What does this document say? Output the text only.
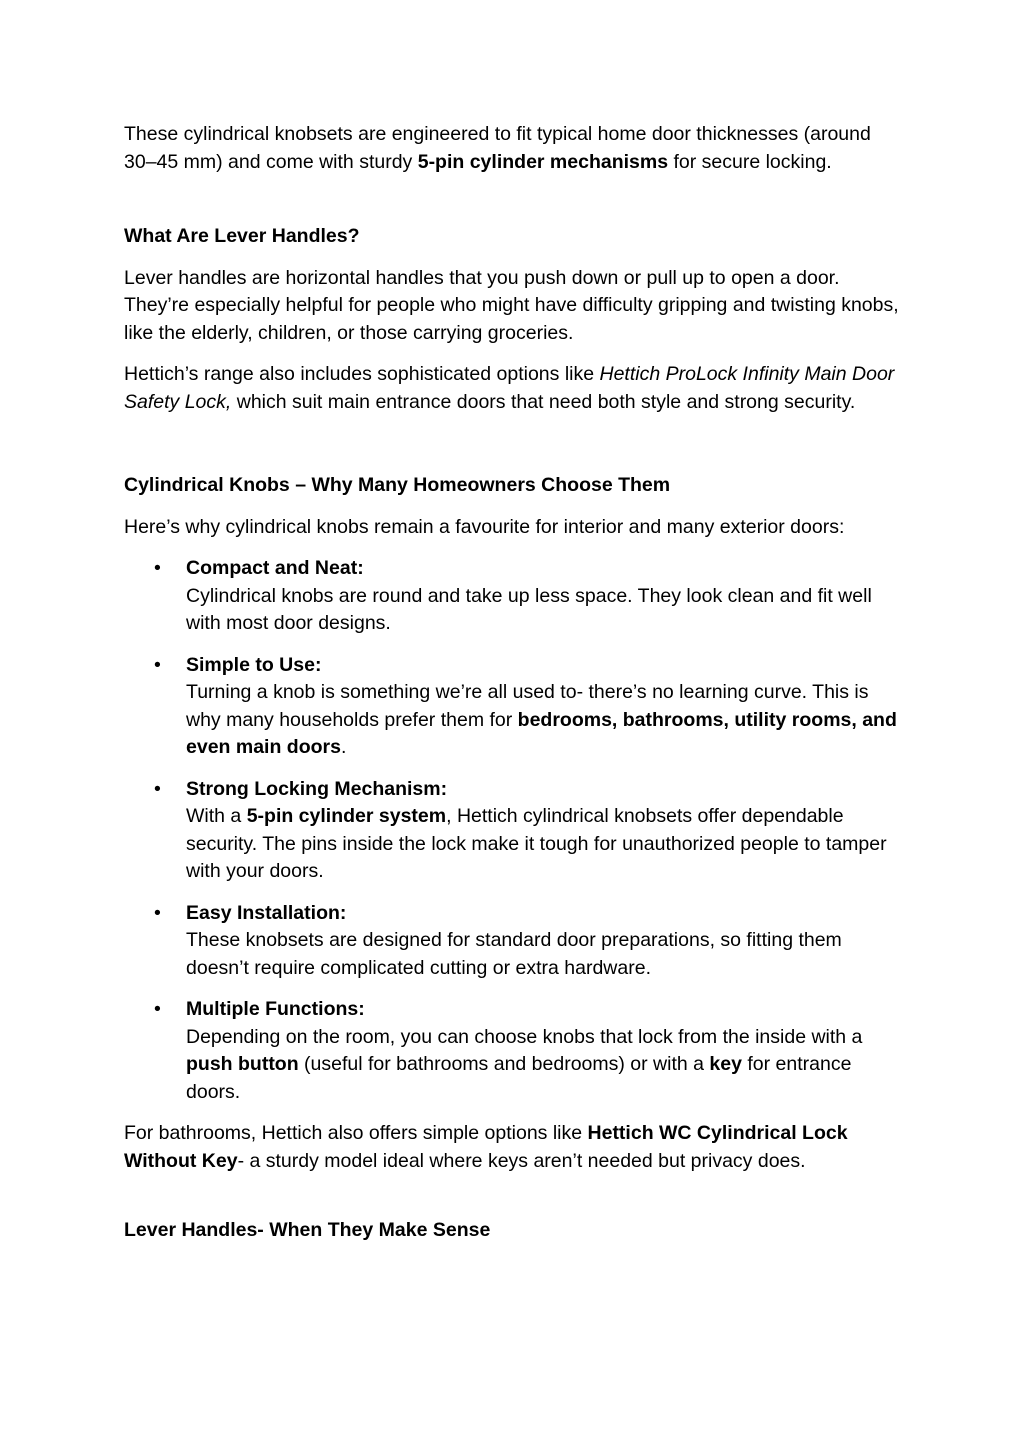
These cylindrical knobsets are engineered to fit typical home door thicknesses (around 30–45 mm) and come with sturdy 5-pin cylinder mechanisms for secure locking.

What Are Lever Handles?

Lever handles are horizontal handles that you push down or pull up to open a door. They’re especially helpful for people who might have difficulty gripping and twisting knobs, like the elderly, children, or those carrying groceries.

Hettich’s range also includes sophisticated options like Hettich ProLock Infinity Main Door Safety Lock, which suit main entrance doors that need both style and strong security.

Cylindrical Knobs – Why Many Homeowners Choose Them

Here’s why cylindrical knobs remain a favourite for interior and many exterior doors:

• Compact and Neat:
Cylindrical knobs are round and take up less space. They look clean and fit well with most door designs.
• Simple to Use:
Turning a knob is something we’re all used to- there’s no learning curve. This is why many households prefer them for bedrooms, bathrooms, utility rooms, and even main doors.
• Strong Locking Mechanism:
With a 5-pin cylinder system, Hettich cylindrical knobsets offer dependable security. The pins inside the lock make it tough for unauthorized people to tamper with your doors.
• Easy Installation:
These knobsets are designed for standard door preparations, so fitting them doesn’t require complicated cutting or extra hardware.
• Multiple Functions:
Depending on the room, you can choose knobs that lock from the inside with a push button (useful for bathrooms and bedrooms) or with a key for entrance doors.

For bathrooms, Hettich also offers simple options like Hettich WC Cylindrical Lock Without Key- a sturdy model ideal where keys aren’t needed but privacy does.

Lever Handles- When They Make Sense
